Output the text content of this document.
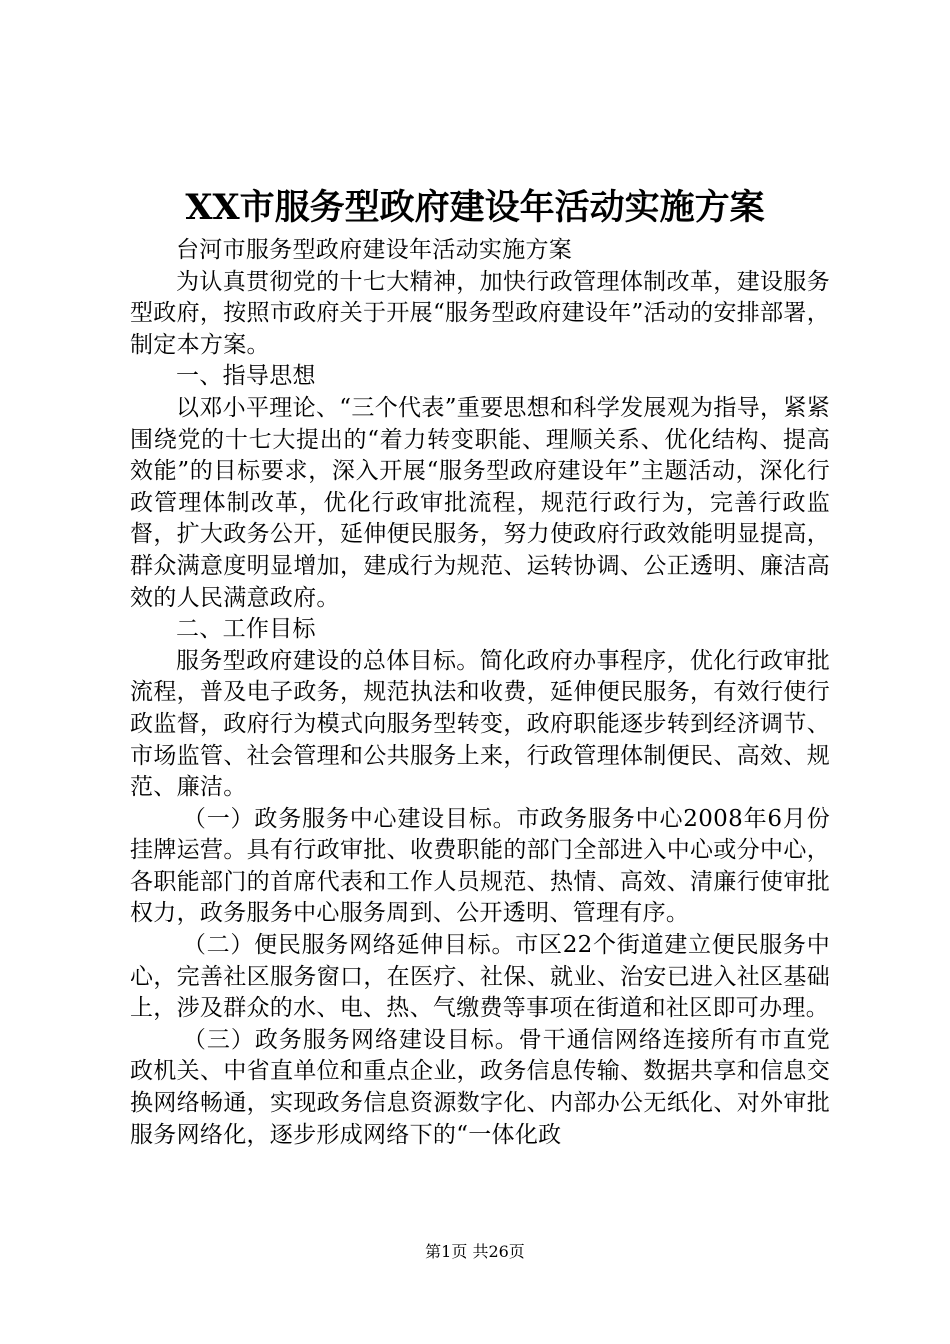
XX市服务型政府建设年活动实施方案

台河市服务型政府建设年活动实施方案

为认真贯彻党的十七大精神，加快行政管理体制改革，建设服务型政府，按照市政府关于开展“服务型政府建设年”活动的安排部署，制定本方案。

一、指导思想

以邓小平理论、“三个代表”重要思想和科学发展观为指导，紧紧围绕党的十七大提出的“着力转变职能、理顺关系、优化结构、提高效能”的目标要求，深入开展“服务型政府建设年”主题活动，深化行政管理体制改革，优化行政审批流程，规范行政行为，完善行政监督，扩大政务公开，延伸便民服务，努力使政府行政效能明显提高，群众满意度明显增加，建成行为规范、运转协调、公正透明、廉洁高效的人民满意政府。

二、工作目标

服务型政府建设的总体目标。简化政府办事程序，优化行政审批流程，普及电子政务，规范执法和收费，延伸便民服务，有效行使行政监督，政府行为模式向服务型转变，政府职能逐步转到经济调节、市场监管、社会管理和公共服务上来，行政管理体制便民、高效、规范、廉洁。

（一）政务服务中心建设目标。市政务服务中心2008年6月份挂牌运营。具有行政审批、收费职能的部门全部进入中心或分中心，各职能部门的首席代表和工作人员规范、热情、高效、清廉行使审批权力，政务服务中心服务周到、公开透明、管理有序。

（二）便民服务网络延伸目标。市区22个街道建立便民服务中心，完善社区服务窗口，在医疗、社保、就业、治安已进入社区基础上，涉及群众的水、电、热、气缴费等事项在街道和社区即可办理。

（三）政务服务网络建设目标。骨干通信网络连接所有市直党政机关、中省直单位和重点企业，政务信息传输、数据共享和信息交换网络畅通，实现政务信息资源数字化、内部办公无纸化、对外审批服务网络化，逐步形成网络下的“一体化政

第1页 共26页
